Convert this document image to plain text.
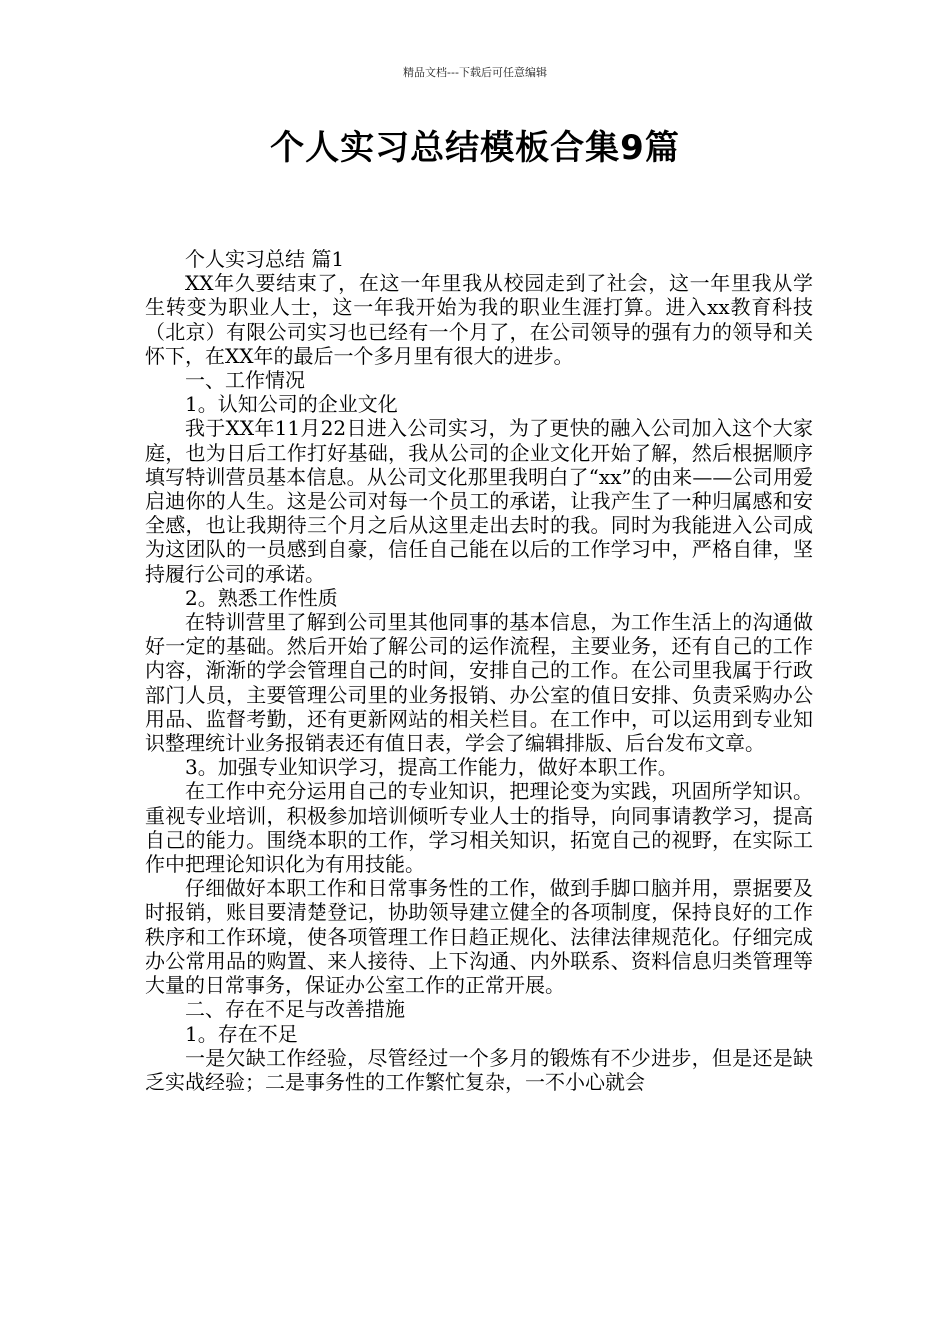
精品文档---下载后可任意编辑
个人实习总结模板合集9篇

个人实习总结 篇1

XX年久要结束了，在这一年里我从校园走到了社会，这一年里我从学生转变为职业人士，这一年我开始为我的职业生涯打算。进入xx教育科技（北京）有限公司实习也已经有一个月了，在公司领导的强有力的领导和关怀下，在XX年的最后一个多月里有很大的进步。

一、工作情况

1。认知公司的企业文化

我于XX年11月22日进入公司实习，为了更快的融入公司加入这个大家庭，也为日后工作打好基础，我从公司的企业文化开始了解，然后根据顺序填写特训营员基本信息。从公司文化那里我明白了“xx”的由来——公司用爱启迪你的人生。这是公司对每一个员工的承诺，让我产生了一种归属感和安全感，也让我期待三个月之后从这里走出去时的我。同时为我能进入公司成为这团队的一员感到自豪，信任自己能在以后的工作学习中，严格自律，坚持履行公司的承诺。

2。熟悉工作性质

在特训营里了解到公司里其他同事的基本信息，为工作生活上的沟通做好一定的基础。然后开始了解公司的运作流程，主要业务，还有自己的工作内容，渐渐的学会管理自己的时间，安排自己的工作。在公司里我属于行政部门人员，主要管理公司里的业务报销、办公室的值日安排、负责采购办公用品、监督考勤，还有更新网站的相关栏目。在工作中，可以运用到专业知识整理统计业务报销表还有值日表，学会了编辑排版、后台发布文章。

3。加强专业知识学习，提高工作能力，做好本职工作。

在工作中充分运用自己的专业知识，把理论变为实践，巩固所学知识。重视专业培训，积极参加培训倾听专业人士的指导，向同事请教学习，提高自己的能力。围绕本职的工作，学习相关知识，拓宽自己的视野，在实际工作中把理论知识化为有用技能。

仔细做好本职工作和日常事务性的工作，做到手脚口脑并用，票据要及时报销，账目要清楚登记，协助领导建立健全的各项制度，保持良好的工作秩序和工作环境，使各项管理工作日趋正规化、法律法律规范化。仔细完成办公常用品的购置、来人接待、上下沟通、内外联系、资料信息归类管理等大量的日常事务，保证办公室工作的正常开展。

二、存在不足与改善措施

1。存在不足

一是欠缺工作经验，尽管经过一个多月的锻炼有不少进步，但是还是缺乏实战经验；二是事务性的工作繁忙复杂，一不小心就会
